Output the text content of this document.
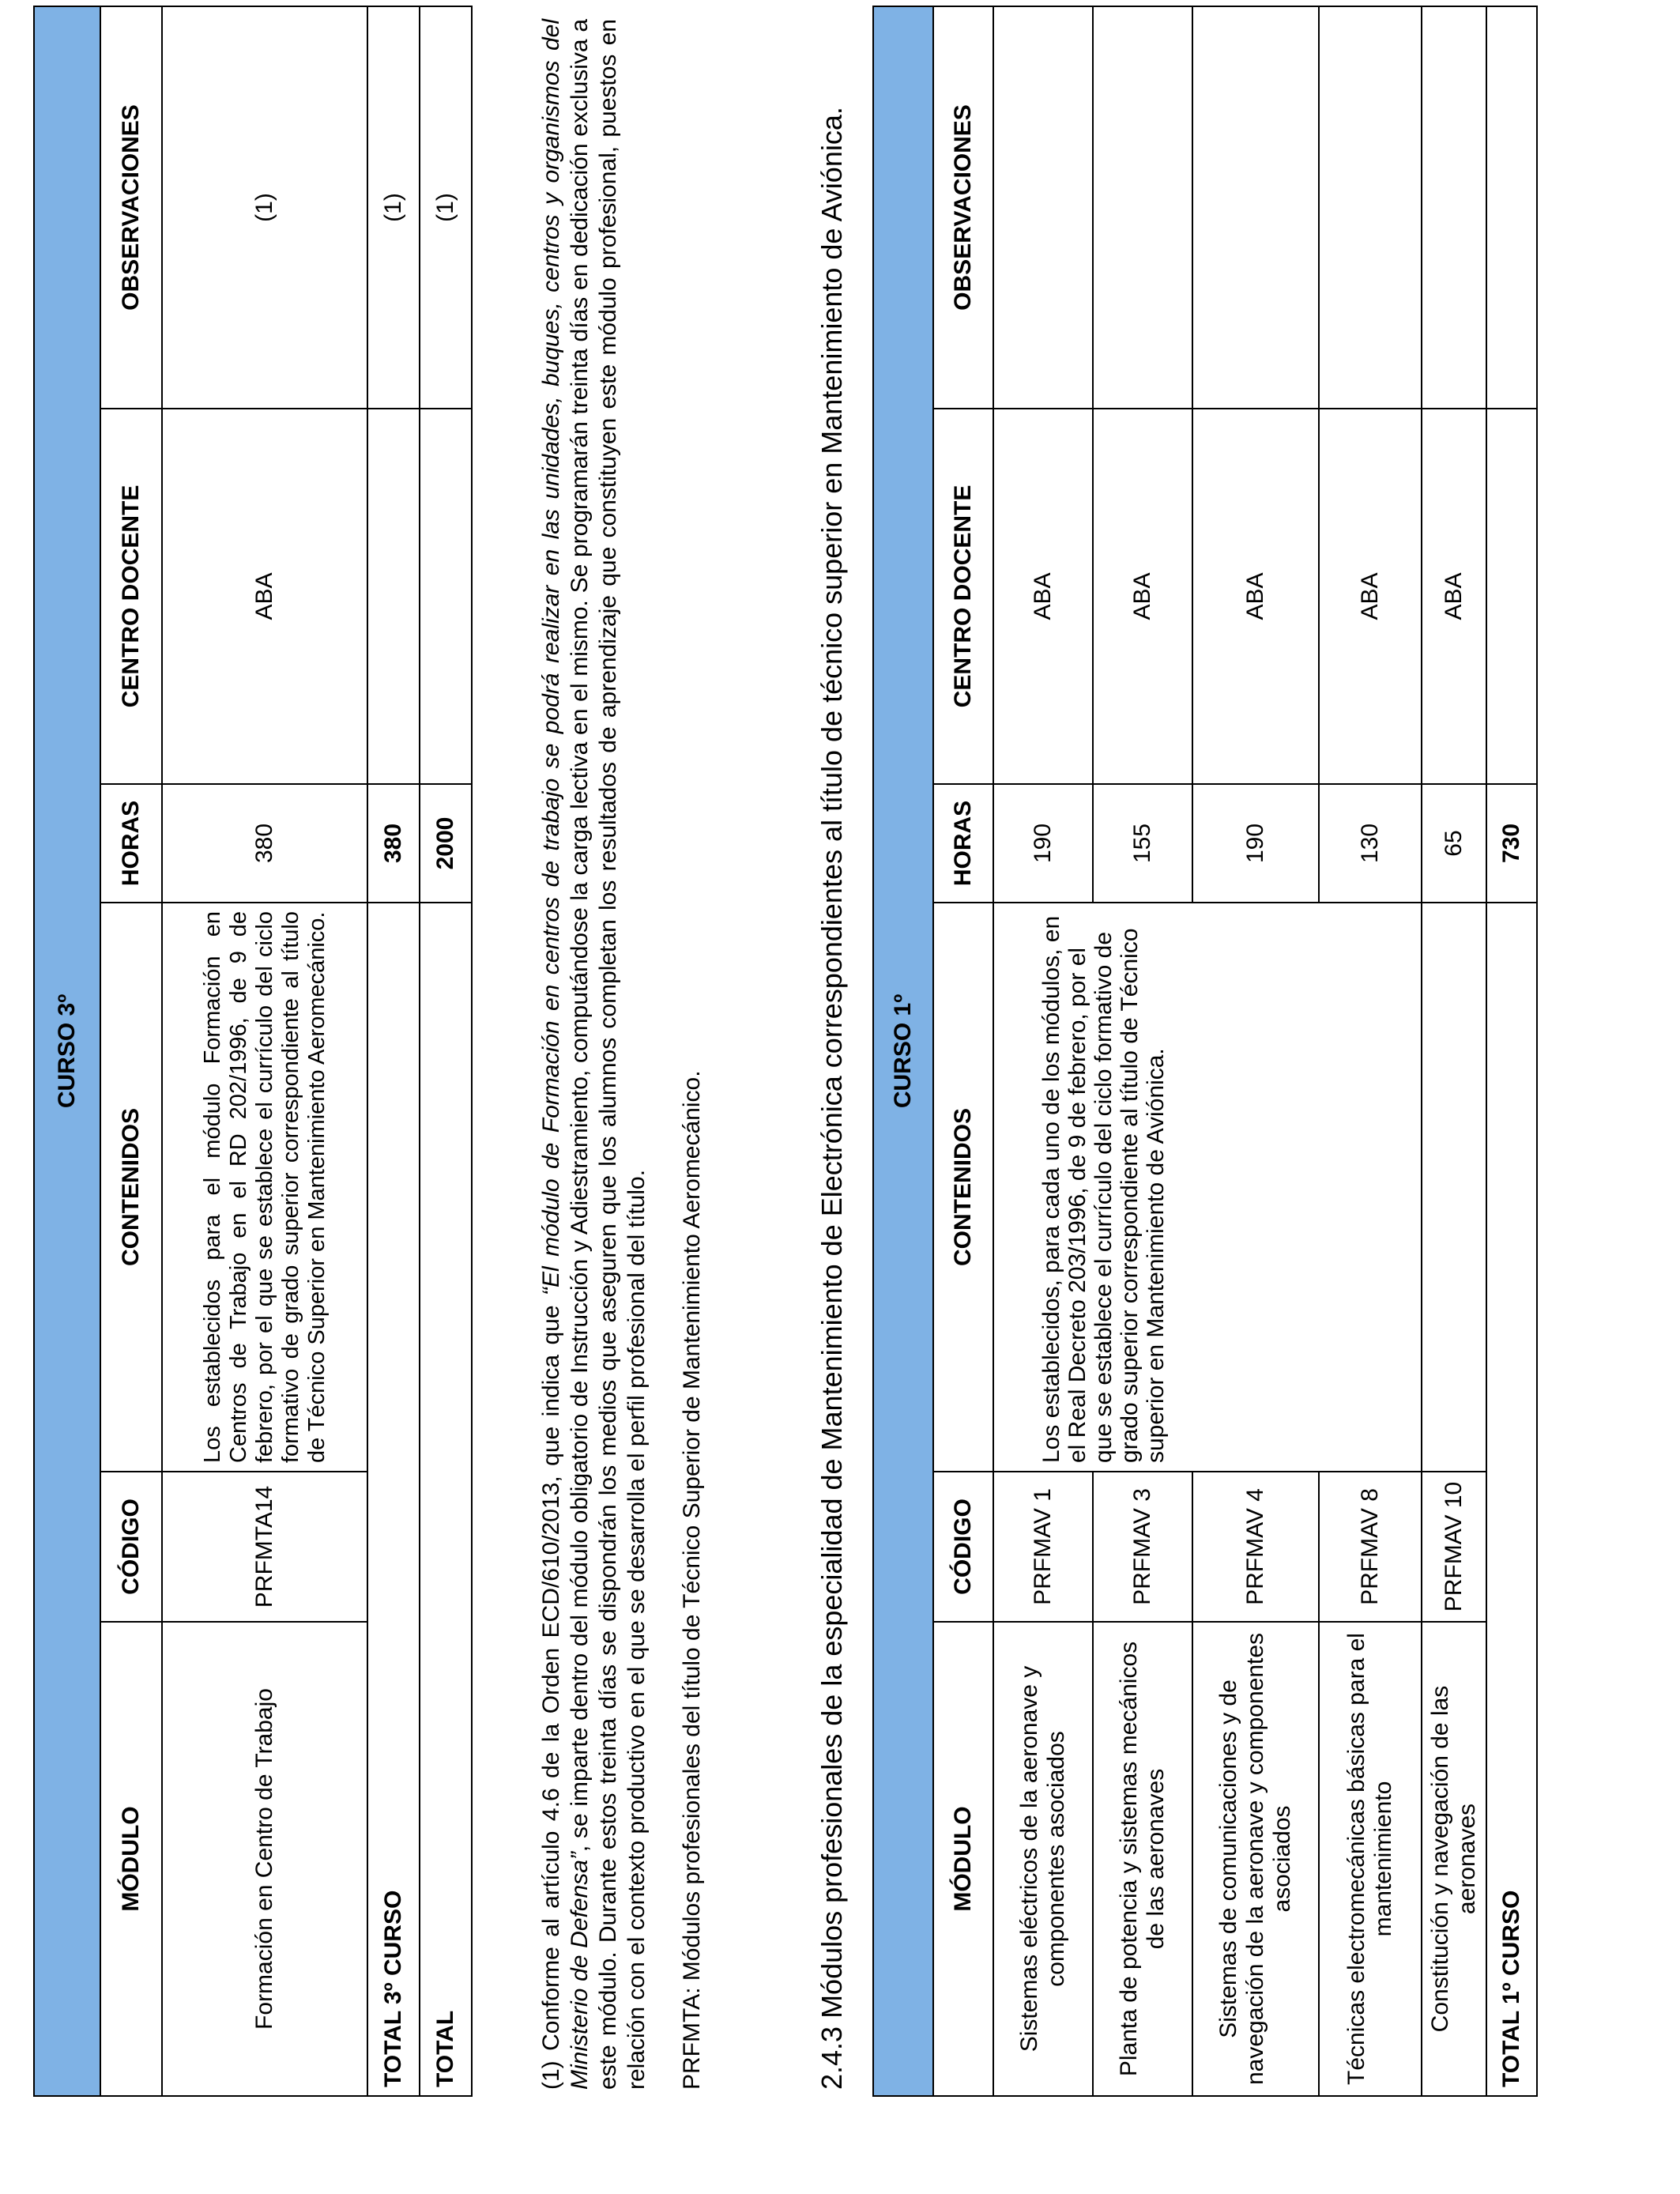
CURSO 3º					
MÓDULO	CÓDIGO	CONTENIDOS	HORAS	CENTRO DOCENTE	OBSERVACIONES
Formación en Centro de Trabajo	PRFMTA14	Los establecidos para el módulo Formación en Centros de Trabajo en el RD 202/1996, de 9 de febrero, por el que se establece el currículo del ciclo formativo de grado superior correspondiente al título de Técnico Superior en Mantenimiento Aeromecánico.	380	ABA	(1)
TOTAL 3º CURSO			380		(1)
TOTAL			2000		(1)

(1) Conforme al artículo 4.6 de la Orden ECD/610/2013, que indica que “El módulo de Formación en centros de trabajo se podrá realizar en las unidades, buques, centros y organismos del Ministerio de Defensa”, se imparte dentro del módulo obligatorio de Instrucción y Adiestramiento, computándose la carga lectiva en el mismo. Se programarán treinta días en dedicación exclusiva a este módulo. Durante estos treinta días se dispondrán los medios que aseguren que los alumnos completan los resultados de aprendizaje que constituyen este módulo profesional, puestos en relación con el contexto productivo en el que se desarrolla el perfil profesional del título. PRFMTA: Módulos profesionales del título de Técnico Superior de Mantenimiento Aeromecánico.	2.4.3 Módulos profesionales de la especialidad de Mantenimiento de Electrónica correspondientes al título de técnico superior en Mantenimiento de Aviónica. CURSO 1º					
MÓDULO	CÓDIGO	CONTENIDOS	HORAS	CENTRO DOCENTE	OBSERVACIONES
Sistemas eléctricos de la aeronave y componentes asociados	PRFMAV 1	Los establecidos, para cada uno de los módulos, en el Real Decreto 203/1996, de 9 de febrero, por el que se establece el currículo del ciclo formativo de grado superior correspondiente al título de Técnico superior en Mantenimiento de Aviónica.	190	ABA	
Planta de potencia y sistemas mecánicos de las aeronaves	PRFMAV 3		155	ABA	
Sistemas de comunicaciones y de navegación de la aeronave y componentes asociados	PRFMAV 4		190	ABA	
Técnicas electromecánicas básicas para el mantenimiento	PRFMAV 8		130	ABA	
Constitución y navegación de las aeronaves	PRFMAV 10		65	ABA	
TOTAL 1º CURSO			730		
